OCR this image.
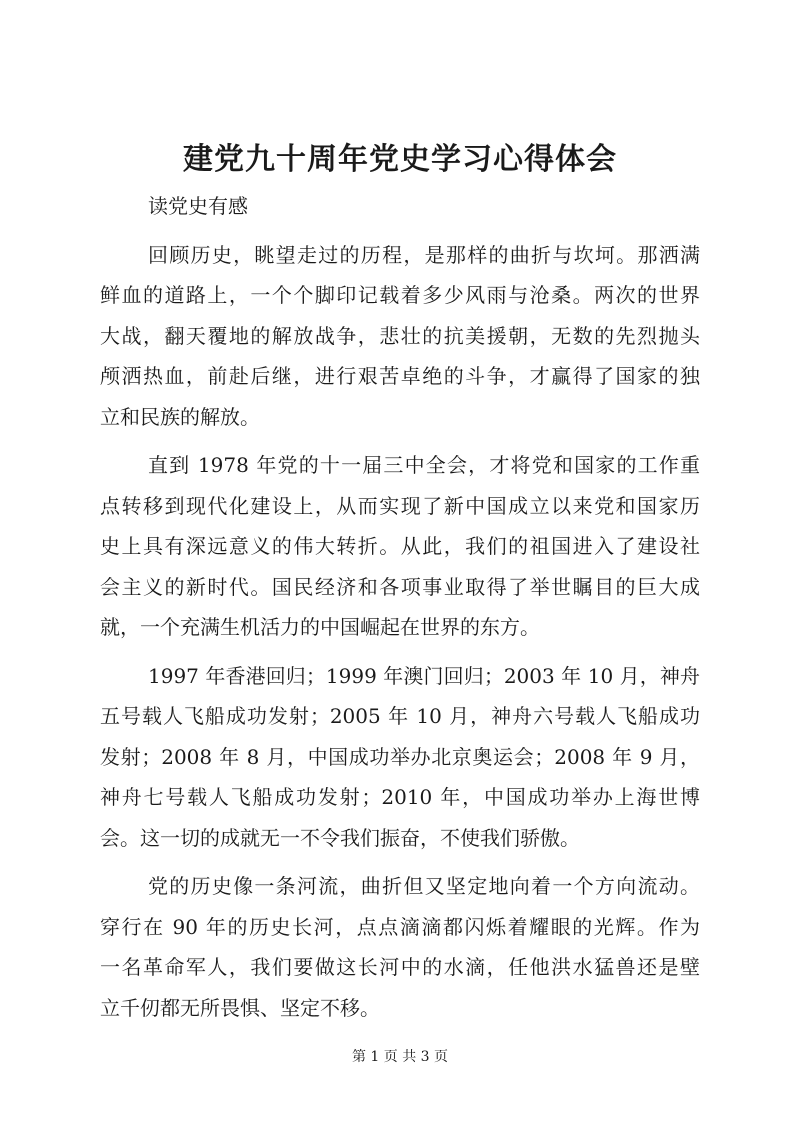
建党九十周年党史学习心得体会
读党史有感
回顾历史，眺望走过的历程，是那样的曲折与坎坷。那洒满
鲜血的道路上，一个个脚印记载着多少风雨与沧桑。两次的世界
大战，翻天覆地的解放战争，悲壮的抗美援朝，无数的先烈抛头
颅洒热血，前赴后继，进行艰苦卓绝的斗争，才赢得了国家的独
立和民族的解放。
直到 1978 年党的十一届三中全会，才将党和国家的工作重
点转移到现代化建设上，从而实现了新中国成立以来党和国家历
史上具有深远意义的伟大转折。从此，我们的祖国进入了建设社
会主义的新时代。国民经济和各项事业取得了举世瞩目的巨大成
就，一个充满生机活力的中国崛起在世界的东方。
1997 年香港回归；1999 年澳门回归；2003 年 10 月，神舟
五号载人飞船成功发射；2005 年 10 月，神舟六号载人飞船成功
发射；2008 年 8 月，中国成功举办北京奥运会；2008 年 9 月，
神舟七号载人飞船成功发射；2010 年，中国成功举办上海世博
会。这一切的成就无一不令我们振奋，不使我们骄傲。
党的历史像一条河流，曲折但又坚定地向着一个方向流动。
穿行在 90 年的历史长河，点点滴滴都闪烁着耀眼的光辉。作为
一名革命军人，我们要做这长河中的水滴，任他洪水猛兽还是壁
立千仞都无所畏惧、坚定不移。
第 1 页 共 3 页
